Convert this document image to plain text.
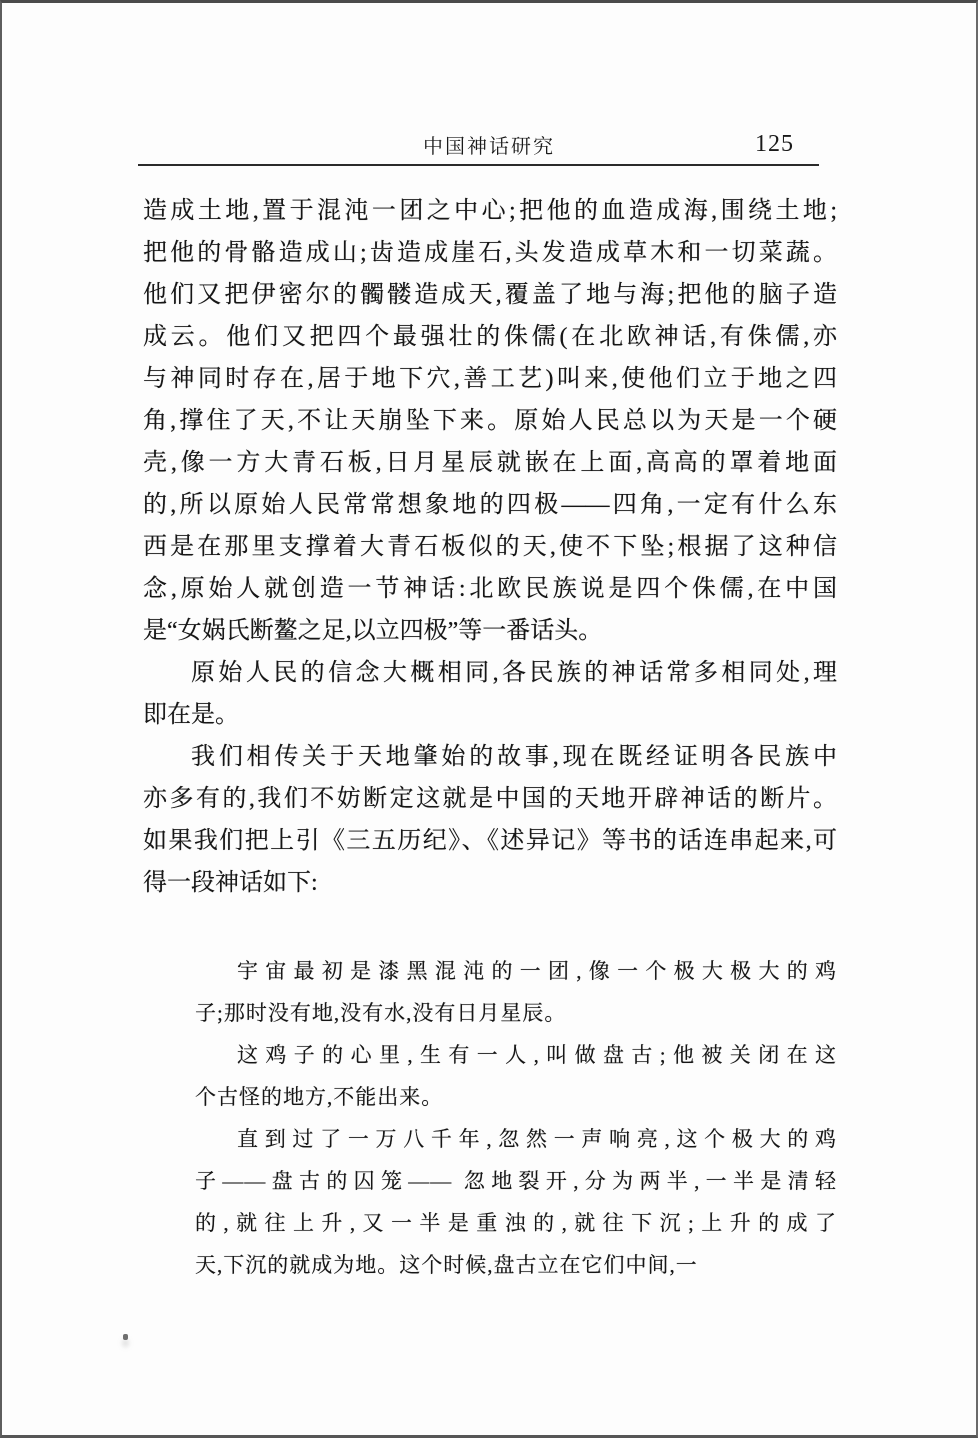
中国神话研究	125
造成土地,置于混沌一团之中心;把他的血造成海,围绕土地;
把他的骨骼造成山;齿造成崖石,头发造成草木和一切菜蔬。
他们又把伊密尔的髑髅造成天,覆盖了地与海;把他的脑子造
成云。他们又把四个最强壮的侏儒(在北欧神话,有侏儒,亦
与神同时存在,居于地下穴,善工艺)叫来,使他们立于地之四
角,撑住了天,不让天崩坠下来。原始人民总以为天是一个硬
壳,像一方大青石板,日月星辰就嵌在上面,高高的罩着地面
的,所以原始人民常常想象地的四极——四角,一定有什么东
西是在那里支撑着大青石板似的天,使不下坠;根据了这种信
念,原始人就创造一节神话:北欧民族说是四个侏儒,在中国
是“女娲氏断鳌之足,以立四极”等一番话头。
原始人民的信念大概相同,各民族的神话常多相同处,理
即在是。
我们相传关于天地肇始的故事,现在既经证明各民族中
亦多有的,我们不妨断定这就是中国的天地开辟神话的断片。
如果我们把上引《三五历纪》、《述异记》等书的话连串起来,可
得一段神话如下:
宇宙最初是漆黑混沌的一团,像一个极大极大的鸡
子;那时没有地,没有水,没有日月星辰。
这鸡子的心里,生有一人,叫做盘古;他被关闭在这
个古怪的地方,不能出来。
直到过了一万八千年,忽然一声响亮,这个极大的鸡
子——盘古的囚笼—— 忽地裂开,分为两半,一半是清轻
的,就往上升,又一半是重浊的,就往下沉;上升的成了
天,下沉的就成为地。这个时候,盘古立在它们中间,一
